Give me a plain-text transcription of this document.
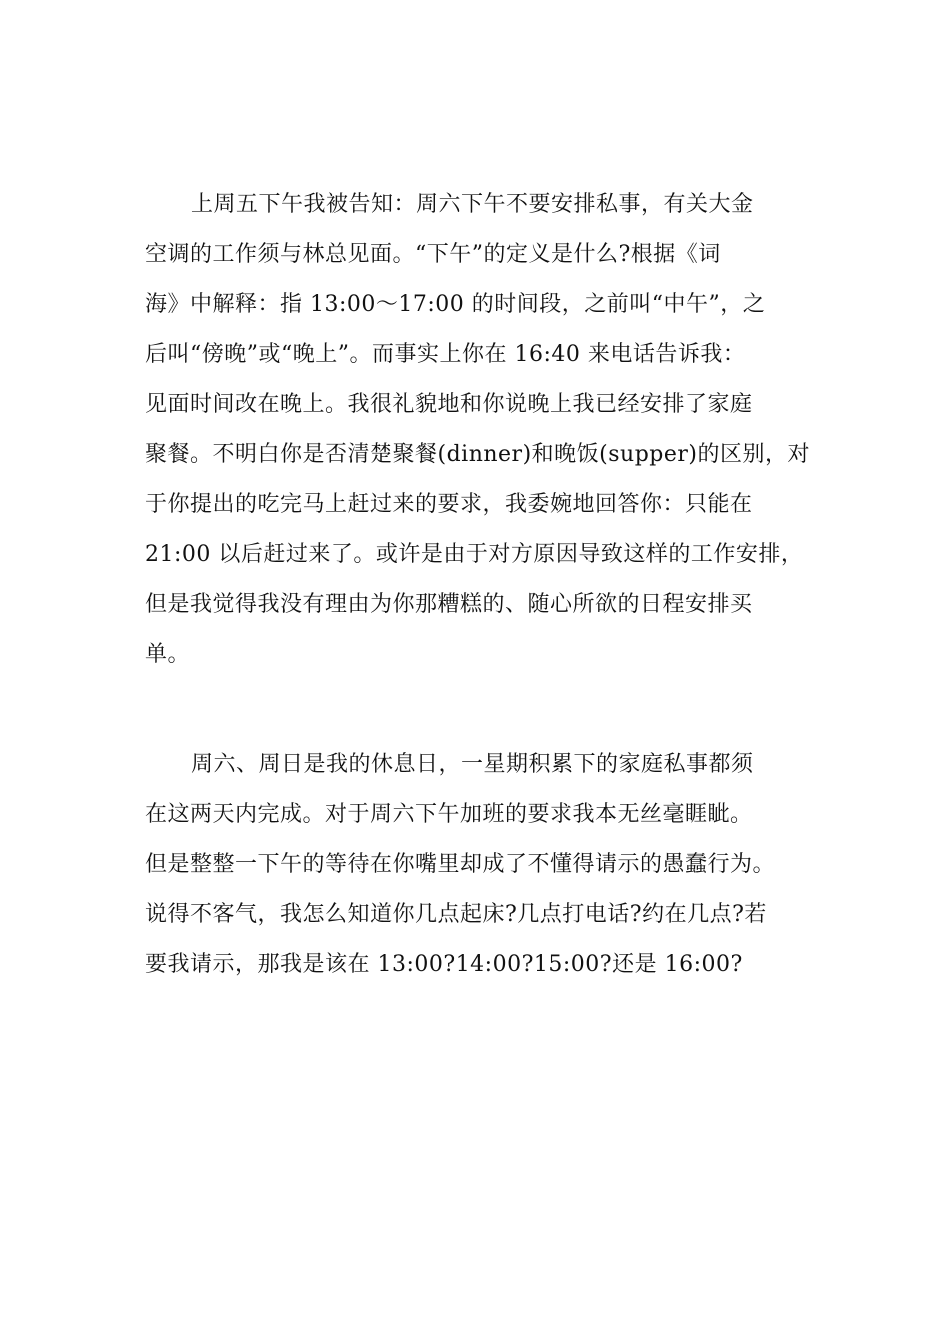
上周五下午我被告知：周六下午不要安排私事，有关大金
空调的工作须与林总见面。“下午”的定义是什么?根据《词
海》中解释：指 13:00～17:00 的时间段，之前叫“中午”，之
后叫“傍晚”或“晚上”。而事实上你在 16:40 来电话告诉我：
见面时间改在晚上。我很礼貌地和你说晚上我已经安排了家庭
聚餐。不明白你是否清楚聚餐(dinner)和晚饭(supper)的区别，对
于你提出的吃完马上赶过来的要求，我委婉地回答你：只能在
21:00 以后赶过来了。或许是由于对方原因导致这样的工作安排，
但是我觉得我没有理由为你那糟糕的、随心所欲的日程安排买
单。
周六、周日是我的休息日，一星期积累下的家庭私事都须
在这两天内完成。对于周六下午加班的要求我本无丝毫睚眦。
但是整整一下午的等待在你嘴里却成了不懂得请示的愚蠢行为。
说得不客气，我怎么知道你几点起床?几点打电话?约在几点?若
要我请示，那我是该在 13:00?14:00?15:00?还是 16:00?
